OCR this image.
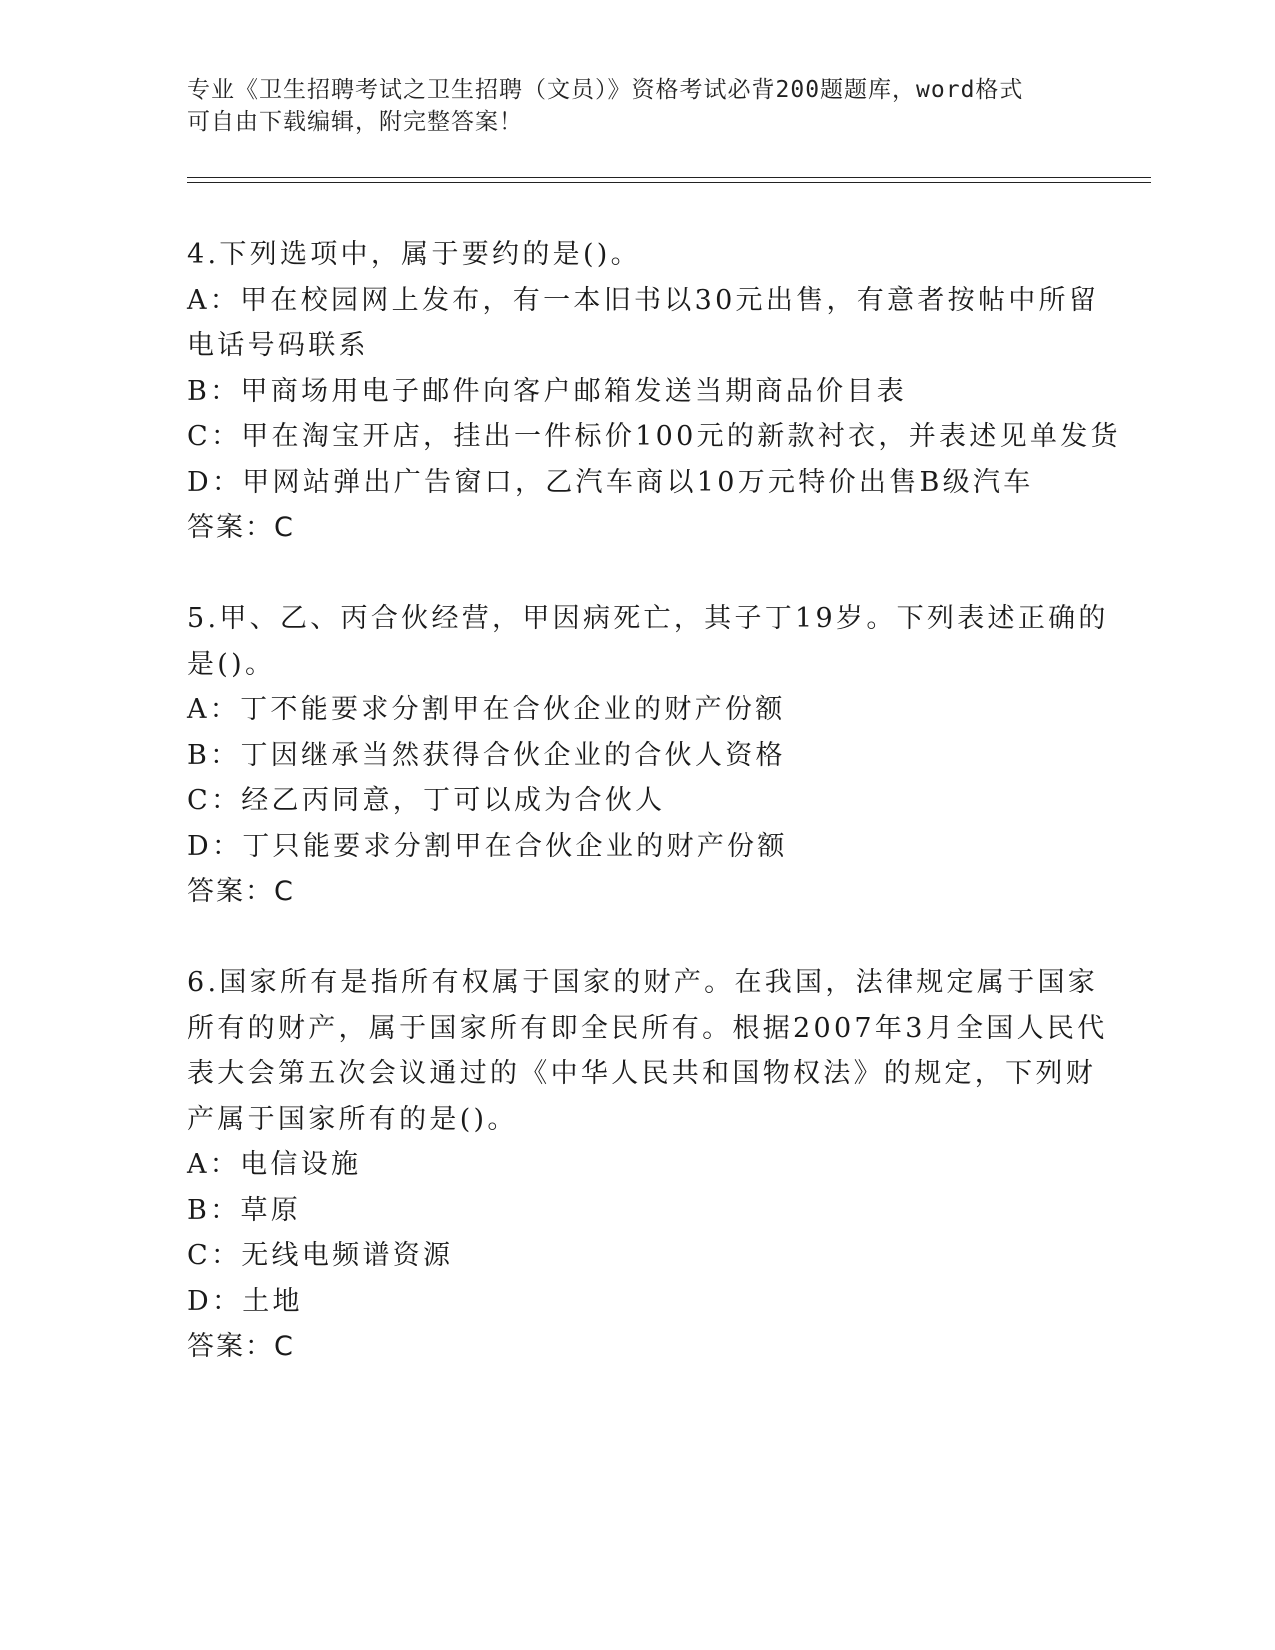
专业《卫生招聘考试之卫生招聘（文员）》资格考试必背200题题库，word格式
可自由下载编辑，附完整答案！
4.下列选项中，属于要约的是()。
A：甲在校园网上发布，有一本旧书以30元出售，有意者按帖中所留
电话号码联系
B：甲商场用电子邮件向客户邮箱发送当期商品价目表
C：甲在淘宝开店，挂出一件标价100元的新款衬衣，并表述见单发货
D：甲网站弹出广告窗口，乙汽车商以10万元特价出售B级汽车
答案：C
5.甲、乙、丙合伙经营，甲因病死亡，其子丁19岁。下列表述正确的
是()。
A：丁不能要求分割甲在合伙企业的财产份额
B：丁因继承当然获得合伙企业的合伙人资格
C：经乙丙同意，丁可以成为合伙人
D：丁只能要求分割甲在合伙企业的财产份额
答案：C
6.国家所有是指所有权属于国家的财产。在我国，法律规定属于国家
所有的财产，属于国家所有即全民所有。根据2007年3月全国人民代
表大会第五次会议通过的《中华人民共和国物权法》的规定，下列财
产属于国家所有的是()。
A：电信设施
B：草原
C：无线电频谱资源
D：土地
答案：C
